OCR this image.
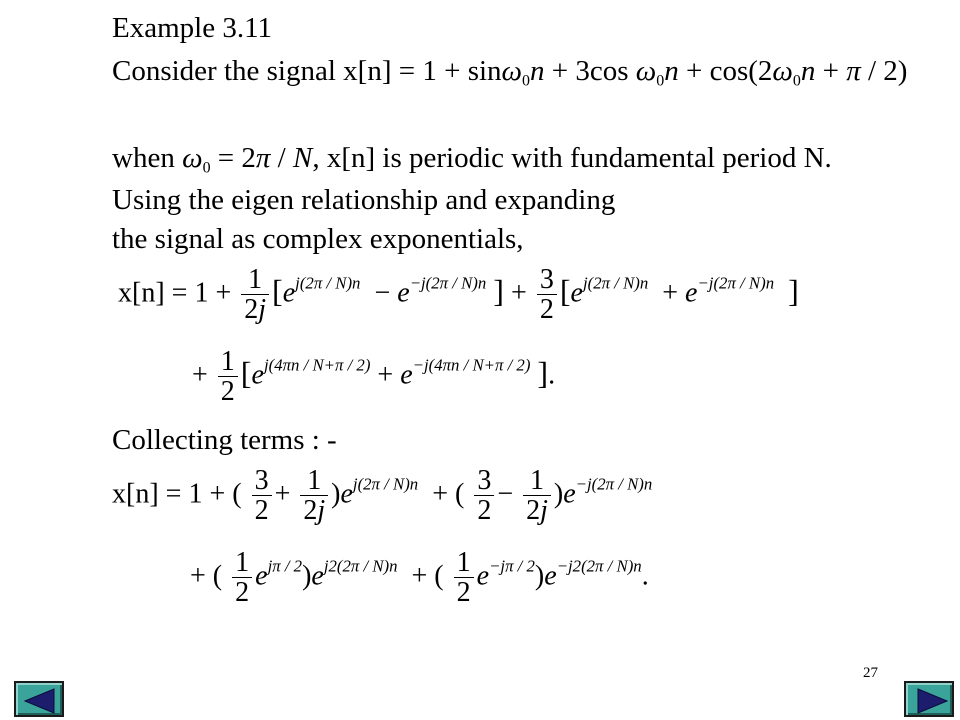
Example 3.11
Consider the signal x[n] = 1 + sinω$_0$n + 3cos $\omega_0n + \cos(2\omega_0n + \pi / 2)$
when $\omega_0 = 2\pi / N$, x[n] is periodic with fundamental period N.
Using the eigen relationship and expanding
the signal as complex exponentials,
$x[n] = 1 + \frac{1}{2j} [e^{j(2\pi / N)n} - e^{-j(2\pi / N)n}$ ] + $\frac{3}{2} [e^{j(2\pi / N)n} + e^{-j(2\pi / N)n}$ ]
+ $\frac{1}{2} [e^{j(4\pi n / N+\pi / 2)} + e^{-j(4\pi n / N+\pi / 2)}$ ].
Collecting terms : -
x[n] = 1 + ( $\frac{3}{2} + \frac{1}{2j} )e^{j(2\pi / N)n}$  + ( $\frac{3}{2} - \frac{1}{2j} )e^{-j(2\pi / N)n}$
+ ( $\frac{1}{2} e^{j\pi / 2})e^{j2(2\pi / N)n}$  + ( $\frac{1}{2} e^{-j\pi / 2})e^{-j2(2\pi / N)n}$.
27
